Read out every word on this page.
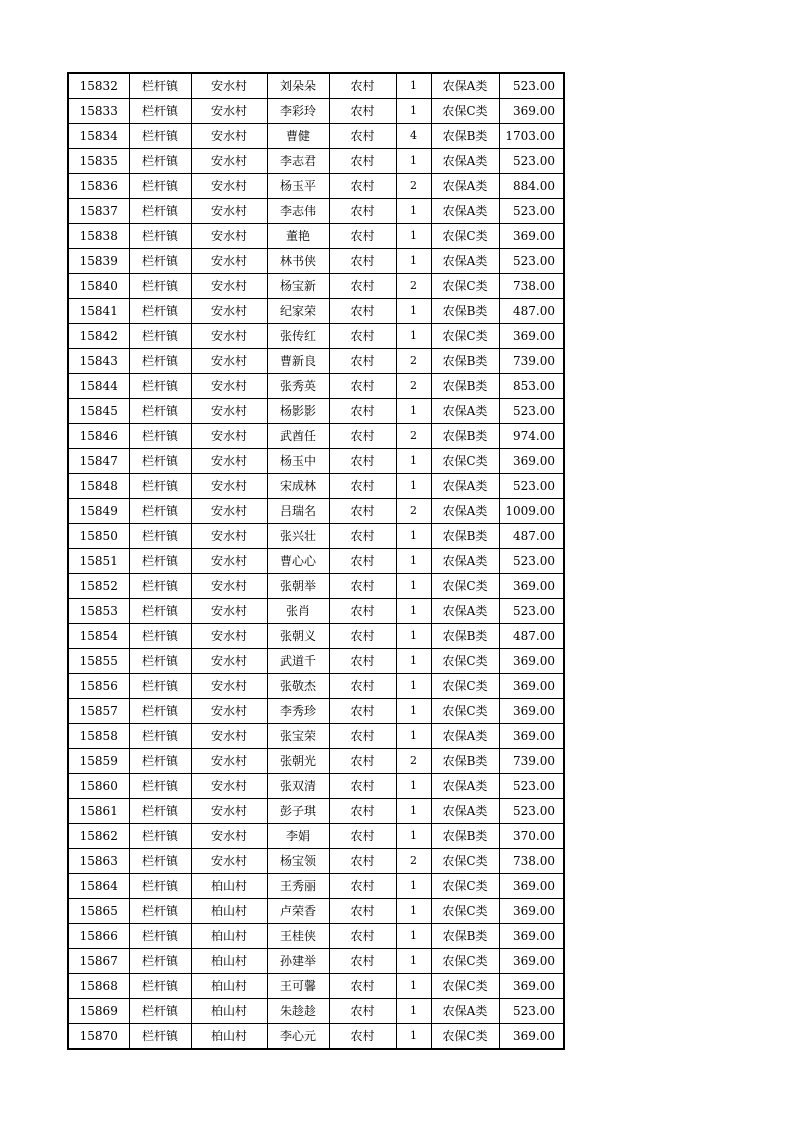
15832	栏杆镇	安水村	刘朵朵	农村	1	农保A类	523.00
15833	栏杆镇	安水村	李彩玲	农村	1	农保C类	369.00
15834	栏杆镇	安水村	曹健	农村	4	农保B类	1703.00
15835	栏杆镇	安水村	李志君	农村	1	农保A类	523.00
15836	栏杆镇	安水村	杨玉平	农村	2	农保A类	884.00
15837	栏杆镇	安水村	李志伟	农村	1	农保A类	523.00
15838	栏杆镇	安水村	董艳	农村	1	农保C类	369.00
15839	栏杆镇	安水村	林书侠	农村	1	农保A类	523.00
15840	栏杆镇	安水村	杨宝新	农村	2	农保C类	738.00
15841	栏杆镇	安水村	纪家荣	农村	1	农保B类	487.00
15842	栏杆镇	安水村	张传红	农村	1	农保C类	369.00
15843	栏杆镇	安水村	曹新良	农村	2	农保B类	739.00
15844	栏杆镇	安水村	张秀英	农村	2	农保B类	853.00
15845	栏杆镇	安水村	杨影影	农村	1	农保A类	523.00
15846	栏杆镇	安水村	武酋任	农村	2	农保B类	974.00
15847	栏杆镇	安水村	杨玉中	农村	1	农保C类	369.00
15848	栏杆镇	安水村	宋成林	农村	1	农保A类	523.00
15849	栏杆镇	安水村	吕瑞名	农村	2	农保A类	1009.00
15850	栏杆镇	安水村	张兴壮	农村	1	农保B类	487.00
15851	栏杆镇	安水村	曹心心	农村	1	农保A类	523.00
15852	栏杆镇	安水村	张朝举	农村	1	农保C类	369.00
15853	栏杆镇	安水村	张肖	农村	1	农保A类	523.00
15854	栏杆镇	安水村	张朝义	农村	1	农保B类	487.00
15855	栏杆镇	安水村	武道千	农村	1	农保C类	369.00
15856	栏杆镇	安水村	张敬杰	农村	1	农保C类	369.00
15857	栏杆镇	安水村	李秀珍	农村	1	农保C类	369.00
15858	栏杆镇	安水村	张宝荣	农村	1	农保A类	369.00
15859	栏杆镇	安水村	张朝光	农村	2	农保B类	739.00
15860	栏杆镇	安水村	张双清	农村	1	农保A类	523.00
15861	栏杆镇	安水村	彭子琪	农村	1	农保A类	523.00
15862	栏杆镇	安水村	李娟	农村	1	农保B类	370.00
15863	栏杆镇	安水村	杨宝领	农村	2	农保C类	738.00
15864	栏杆镇	柏山村	王秀丽	农村	1	农保C类	369.00
15865	栏杆镇	柏山村	卢荣香	农村	1	农保C类	369.00
15866	栏杆镇	柏山村	王桂侠	农村	1	农保B类	369.00
15867	栏杆镇	柏山村	孙建举	农村	1	农保C类	369.00
15868	栏杆镇	柏山村	王可馨	农村	1	农保C类	369.00
15869	栏杆镇	柏山村	朱趁趁	农村	1	农保A类	523.00
15870	栏杆镇	柏山村	李心元	农村	1	农保C类	369.00
